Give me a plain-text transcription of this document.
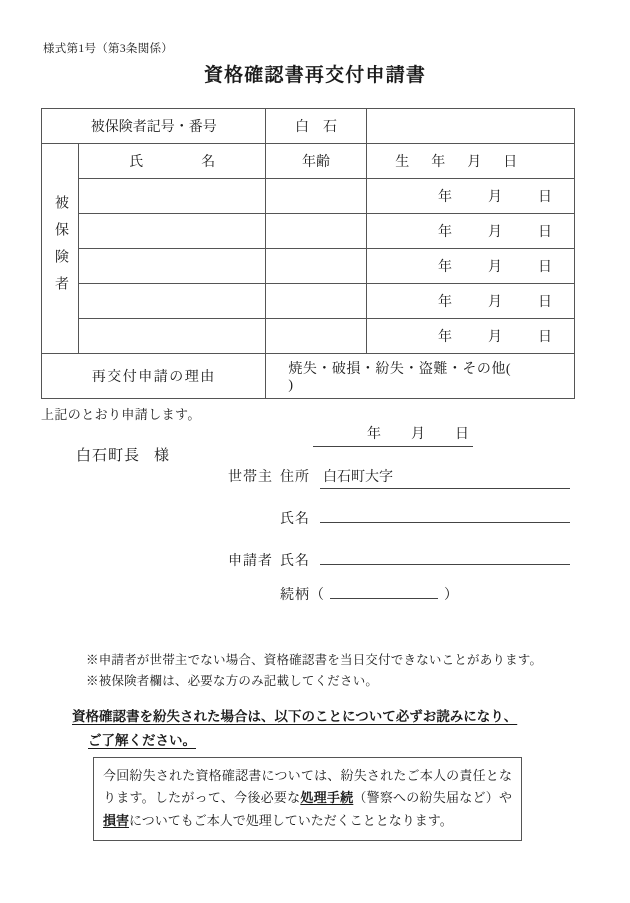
様式第1号（第3条関係）
資格確認書再交付申請書
被保険者記号・番号		白　石	
被保険者	氏 名	年齢	生 年 月 日

			年 月 日

			年 月 日

			年 月 日

			年 月 日

			年 月 日

再交付申請の理由		焼失・破損・紛失・盗難・その他()	
上記のとおり申請します。
年 月 日
白石町長 様
世帯主 住所 白石町大字
氏名
申請者 氏名
続柄 （	）
※申請者が世帯主でない場合、資格確認書を当日交付できないことがあります。
※被保険者欄は、必要な方のみ記載してください。
資格確認書を紛失された場合は、以下のことについて必ずお読みになり、
ご了解ください。
今回紛失された資格確認書については、紛失されたご本人の責任となります。したがって、今後必要な処理手続（警察への紛失届など）や損害についてもご本人で処理していただくこととなります。
